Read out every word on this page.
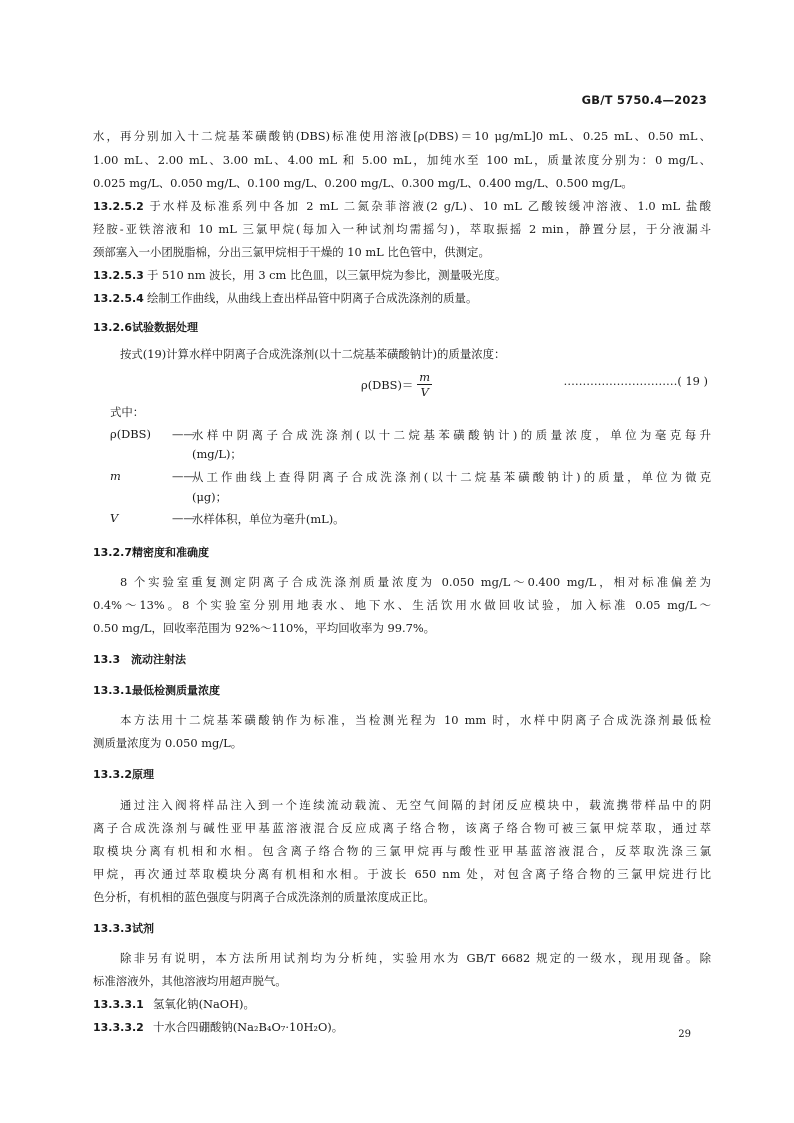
GB/T 5750.4—2023
水，再分别加入十二烷基苯磺酸钠(DBS)标准使用溶液[ρ(DBS)＝10 μg/mL]0 mL、0.25 mL、0.50 mL、
1.00 mL、2.00 mL、3.00 mL、4.00 mL 和 5.00 mL，加纯水至 100 mL，质量浓度分别为：0 mg/L、
0.025 mg/L、0.050 mg/L、0.100 mg/L、0.200 mg/L、0.300 mg/L、0.400 mg/L、0.500 mg/L。
13.2.5.2 于水样及标准系列中各加 2 mL 二氮杂菲溶液(2 g/L)、10 mL 乙酸铵缓冲溶液、1.0 mL 盐酸
羟胺-亚铁溶液和 10 mL 三氯甲烷(每加入一种试剂均需摇匀)，萃取振摇 2 min，静置分层，于分液漏斗
颈部塞入一小团脱脂棉，分出三氯甲烷相于干燥的 10 mL 比色管中，供测定。
13.2.5.3 于 510 nm 波长，用 3 cm 比色皿，以三氯甲烷为参比，测量吸光度。
13.2.5.4 绘制工作曲线，从曲线上查出样品管中阴离子合成洗涤剂的质量。
13.2.6试验数据处理
按式(19)计算水样中阴离子合成洗涤剂(以十二烷基苯磺酸钠计)的质量浓度：
$\rho(DBS)= \frac{m}{V}$	…………………………( 19 )
式中：
ρ(DBS) ——
水样中阴离子合成洗涤剂(以十二烷基苯磺酸钠计)的质量浓度，单位为毫克每升
(mg/L)；
m	——
从工作曲线上查得阴离子合成洗涤剂(以十二烷基苯磺酸钠计)的质量，单位为微克
(μg)；
V	——
水样体积，单位为毫升(mL)。
13.2.7精密度和准确度
8 个实验室重复测定阴离子合成洗涤剂质量浓度为 0.050 mg/L～0.400 mg/L，相对标准偏差为
0.4%～13%。8 个实验室分别用地表水、地下水、生活饮用水做回收试验，加入标准 0.05 mg/L～
0.50 mg/L，回收率范围为 92%～110%，平均回收率为 99.7%。
13.3 流动注射法
13.3.1最低检测质量浓度
本方法用十二烷基苯磺酸钠作为标准，当检测光程为 10 mm 时，水样中阴离子合成洗涤剂最低检
测质量浓度为 0.050 mg/L。
13.3.2原理
通过注入阀将样品注入到一个连续流动载流、无空气间隔的封闭反应模块中，载流携带样品中的阴
离子合成洗涤剂与碱性亚甲基蓝溶液混合反应成离子络合物，该离子络合物可被三氯甲烷萃取，通过萃
取模块分离有机相和水相。包含离子络合物的三氯甲烷再与酸性亚甲基蓝溶液混合，反萃取洗涤三氯
甲烷，再次通过萃取模块分离有机相和水相。于波长 650 nm 处，对包含离子络合物的三氯甲烷进行比
色分析，有机相的蓝色强度与阴离子合成洗涤剂的质量浓度成正比。
13.3.3试剂
除非另有说明，本方法所用试剂均为分析纯，实验用水为 GB/T 6682 规定的一级水，现用现备。除
标准溶液外，其他溶液均用超声脱气。
13.3.3.1 氢氧化钠(NaOH)。
13.3.3.2 十水合四硼酸钠(Na₂B₄O₇·10H₂O)。
29
